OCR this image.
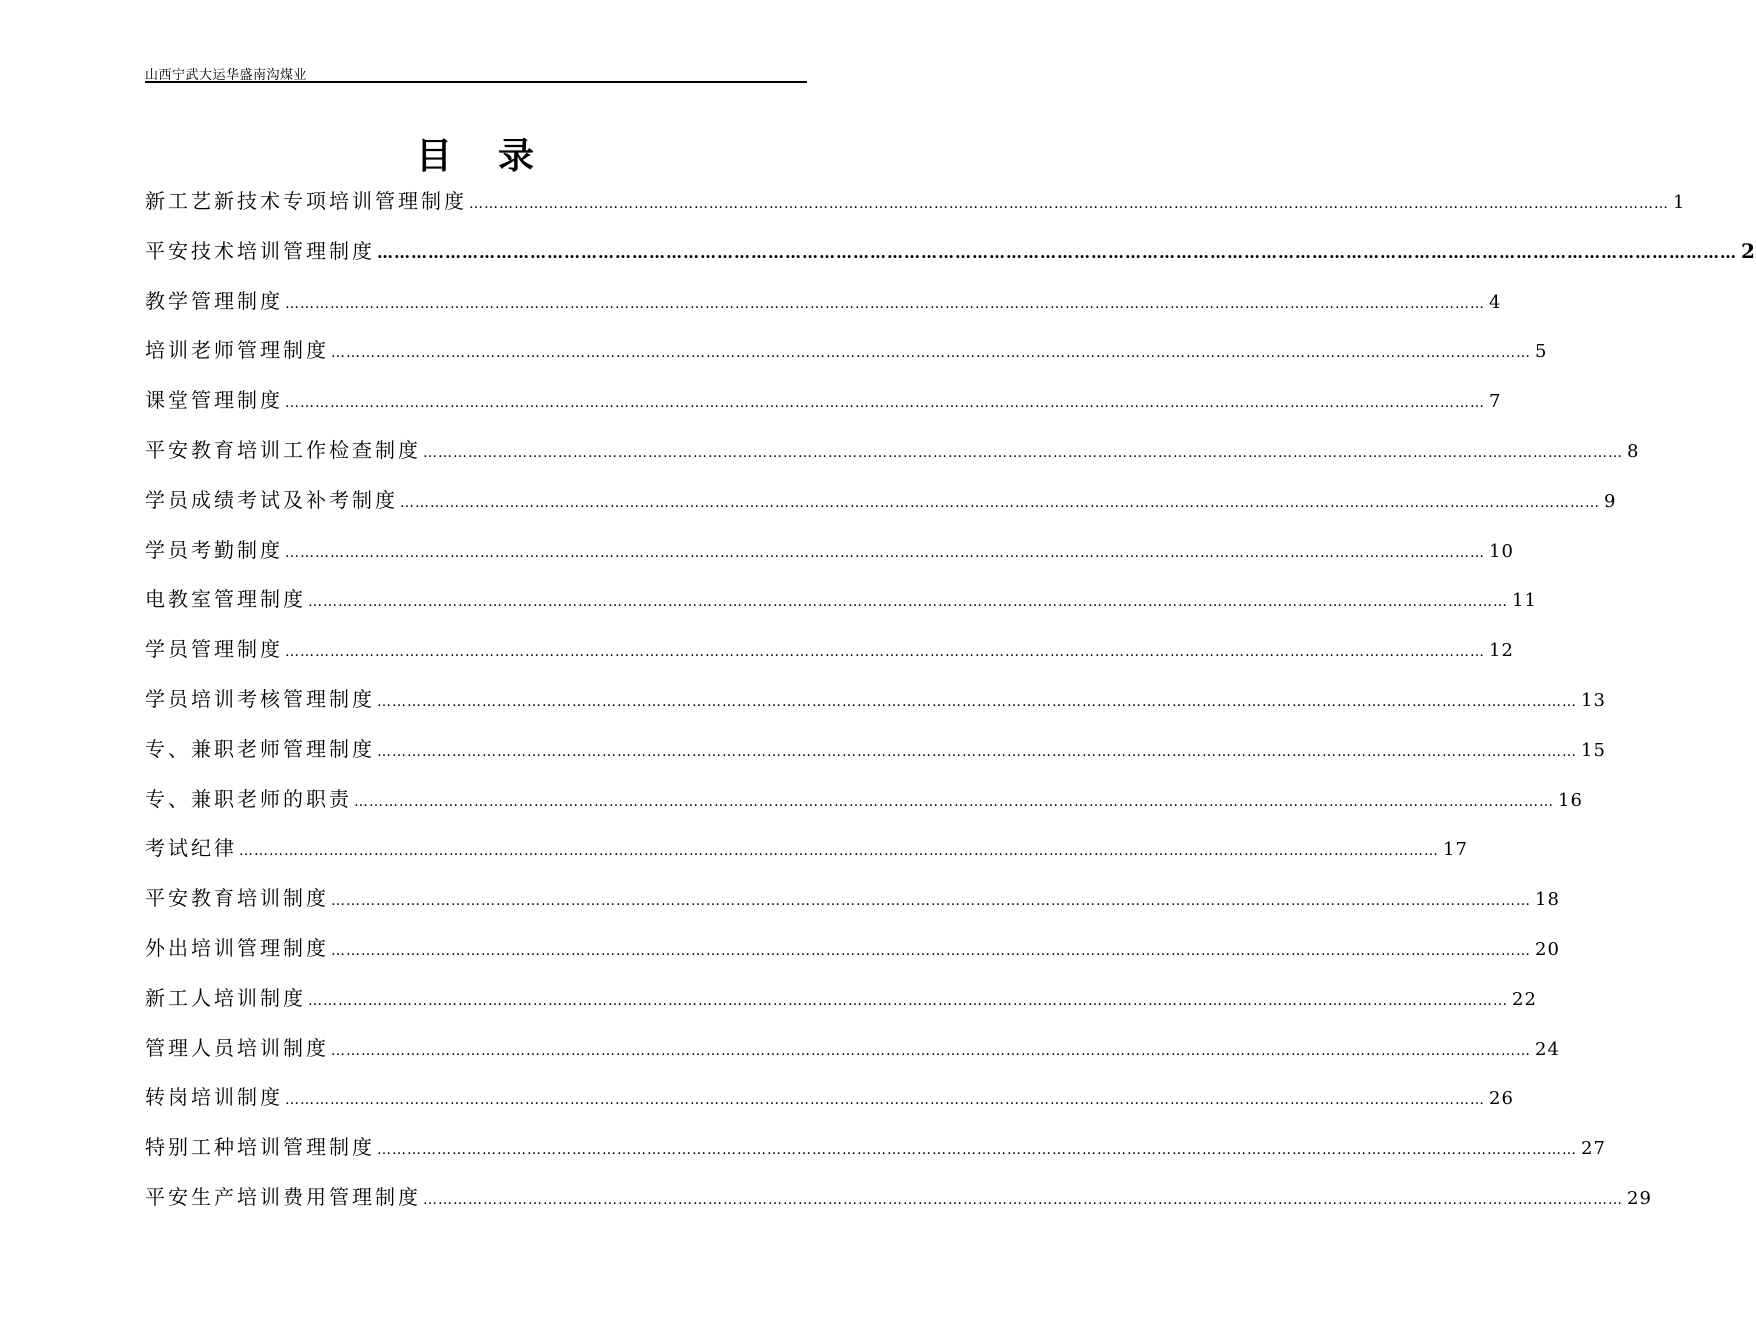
山西宁武大运华盛南沟煤业
目录
新工艺新技术专项培训管理制度 …………………………………………………………………………………………………………………………………………………………………………………………………………………… 1
平安技术培训管理制度 …………………………………………………………………………………………………………………………………………………………………………………………………………………… 2
教学管理制度 …………………………………………………………………………………………………………………………………………………………………………………………………………………… 4
培训老师管理制度 …………………………………………………………………………………………………………………………………………………………………………………………………………………… 5
课堂管理制度 …………………………………………………………………………………………………………………………………………………………………………………………………………………… 7
平安教育培训工作检查制度 …………………………………………………………………………………………………………………………………………………………………………………………………………………… 8
学员成绩考试及补考制度 …………………………………………………………………………………………………………………………………………………………………………………………………………………… 9
学员考勤制度 …………………………………………………………………………………………………………………………………………………………………………………………………………………… 10
电教室管理制度 …………………………………………………………………………………………………………………………………………………………………………………………………………………… 11
学员管理制度 …………………………………………………………………………………………………………………………………………………………………………………………………………………… 12
学员培训考核管理制度 …………………………………………………………………………………………………………………………………………………………………………………………………………………… 13
专、兼职老师管理制度 …………………………………………………………………………………………………………………………………………………………………………………………………………………… 15
专、兼职老师的职责 …………………………………………………………………………………………………………………………………………………………………………………………………………………… 16
考试纪律 …………………………………………………………………………………………………………………………………………………………………………………………………………………… 17
平安教育培训制度 …………………………………………………………………………………………………………………………………………………………………………………………………………………… 18
外出培训管理制度 …………………………………………………………………………………………………………………………………………………………………………………………………………………… 20
新工人培训制度 …………………………………………………………………………………………………………………………………………………………………………………………………………………… 22
管理人员培训制度 …………………………………………………………………………………………………………………………………………………………………………………………………………………… 24
转岗培训制度 …………………………………………………………………………………………………………………………………………………………………………………………………………………… 26
特别工种培训管理制度 …………………………………………………………………………………………………………………………………………………………………………………………………………………… 27
平安生产培训费用管理制度 …………………………………………………………………………………………………………………………………………………………………………………………………………………… 29
